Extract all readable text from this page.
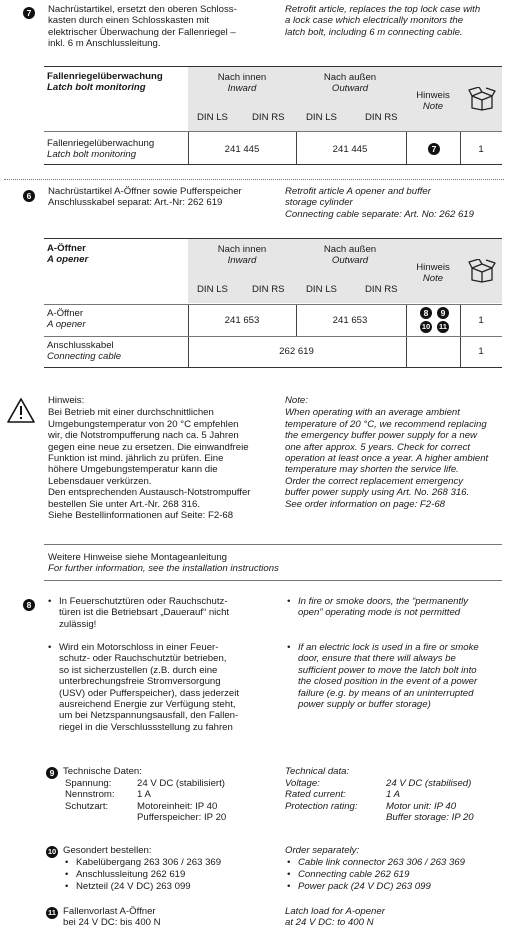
7	Nachrüstartikel, ersetzt den oberen Schloss-
kasten durch einen Schlosskasten mit
elektrischer Überwachung der Fallenriegel –
inkl. 6 m Anschlussleitung.
Retrofit article, replaces the top lock case with
a lock case which electrically monitors the
latch bolt, including 6 m connecting cable.
Fallenriegelüberwachung
Latch bolt monitoring
Nach innen
Inward
Nach außen
Outward
Hinweis
Note
DIN LS	DIN RS DIN LS	DIN RS
Fallenriegelüberwachung
Latch bolt monitoring	241 445	241 445	7	1
6	Nachrüstartikel A-Öffner sowie Pufferspeicher
Anschlusskabel separat: Art.-Nr: 262 619
Retrofit article A opener and buffer
storage cylinder
Connecting cable separate: Art. No: 262 619
A-Öffner
A opener
Nach innen
Inward
Nach außen
Outward
Hinweis
Note
DIN LS	DIN RS DIN LS	DIN RS
A-Öffner
A opener	241 653	241 653
8	9
10 11
1
Anschlusskabel
Connecting cable	262 619	1
Hinweis:
Bei Betrieb mit einer durchschnittlichen
Umgebungstemperatur von 20 °C empfehlen
wir, die Notstrompufferung nach ca. 5 Jahren
gegen eine neue zu ersetzen. Die einwandfreie
Funktion ist mind. jährlich zu prüfen. Eine
höhere Umgebungstemperatur kann die
Lebensdauer verkürzen.
Den entsprechenden Austausch-Notstrompuffer
bestellen Sie unter Art.-Nr. 268 316.
Siehe Bestellinformationen auf Seite: F2-68
Note:
When operating with an average ambient
temperature of 20 °C, we recommend replacing
the emergency buffer power supply for a new
one after approx. 5 years. Check for correct
operation at least once a year. A higher ambient
temperature may shorten the service life.
Order the correct replacement emergency
buffer power supply using Art. No. 268 316.
See order information on page: F2-68
Weitere Hinweise siehe Montageanleitung
For further information, see the installation instructions
8
•	In Feuerschutztüren oder Rauchschutz-
türen ist die Betriebsart „Dauerauf“ nicht
zulässig!
• In fire or smoke doors, the “permanently
open” operating mode is not permitted
• Wird ein Motorschloss in einer Feuer-
schutz- oder Rauchschutztür betrieben,
so ist sicherzustellen (z.B. durch eine
unterbrechungsfreie Stromversorgung
(USV) oder Pufferspeicher), dass jederzeit
ausreichend Energie zur Verfügung steht,
um bei Netzspannungsausfall, den Fallen-
riegel in die Verschlussstellung zu fahren
• If an electric lock is used in a fire or smoke
door, ensure that there will always be
sufficient power to move the latch bolt into
the closed position in the event of a power
failure (e.g. by means of an uninterrupted
power supply or buffer storage)
9 Technische Daten:
Spannung:
Nennstrom:
Schutzart:
24 V DC (stabilisiert)
1 A
Motoreinheit: IP 40
Pufferspeicher: IP 20
Technical data:
Voltage:
Rated current:
Protection rating:
24 V DC (stabilised)
1 A
Motor unit: IP 40
Buffer storage: IP 20
10 Gesondert bestellen:
• Kabelübergang 263 306 / 263 369
• Anschlussleitung 262 619
• Netzteil (24 V DC) 263 099
Order separately:
• Cable link connector 263 306 / 263 369
• Connecting cable 262 619
• Power pack (24 V DC) 263 099
11 Fallenvorlast A-Öffner
bei 24 V DC: bis 400 N
Latch load for A-opener
at 24 V DC: to 400 N
